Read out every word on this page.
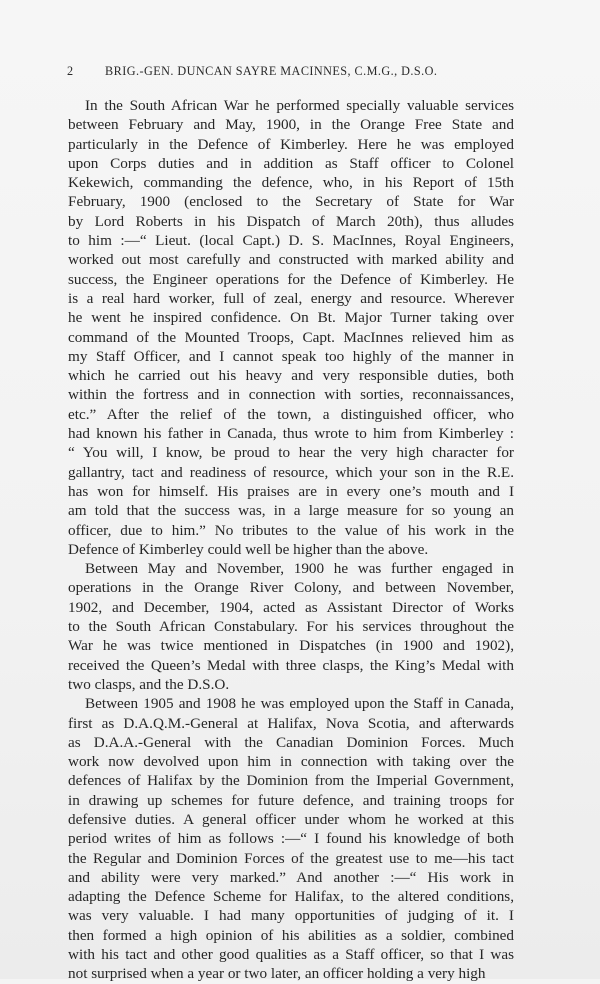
2	BRIG.-GEN. DUNCAN SAYRE MACINNES, C.M.G., D.S.O.
In the South African War he performed specially valuable services
between February and May, 1900, in the Orange Free State and
particularly in the Defence of Kimberley. Here he was employed
upon Corps duties and in addition as Staff officer to Colonel
Kekewich, commanding the defence, who, in his Report of 15th
February, 1900 (enclosed to the Secretary of State for War
by Lord Roberts in his Dispatch of March 20th), thus alludes
to him :—“ Lieut. (local Capt.) D. S. MacInnes, Royal Engineers,
worked out most carefully and constructed with marked ability and
success, the Engineer operations for the Defence of Kimberley. He
is a real hard worker, full of zeal, energy and resource. Wherever
he went he inspired confidence. On Bt. Major Turner taking over
command of the Mounted Troops, Capt. MacInnes relieved him as
my Staff Officer, and I cannot speak too highly of the manner in
which he carried out his heavy and very responsible duties, both
within the fortress and in connection with sorties, reconnaissances,
etc.” After the relief of the town, a distinguished officer, who
had known his father in Canada, thus wrote to him from Kimberley :
“ You will, I know, be proud to hear the very high character for
gallantry, tact and readiness of resource, which your son in the R.E.
has won for himself. His praises are in every one’s mouth and I
am told that the success was, in a large measure for so young an
officer, due to him.” No tributes to the value of his work in the
Defence of Kimberley could well be higher than the above.
Between May and November, 1900 he was further engaged in
operations in the Orange River Colony, and between November,
1902, and December, 1904, acted as Assistant Director of Works
to the South African Constabulary. For his services throughout the
War he was twice mentioned in Dispatches (in 1900 and 1902),
received the Queen’s Medal with three clasps, the King’s Medal with
two clasps, and the D.S.O.
Between 1905 and 1908 he was employed upon the Staff in Canada,
first as D.A.Q.M.-General at Halifax, Nova Scotia, and afterwards
as D.A.A.-General with the Canadian Dominion Forces. Much
work now devolved upon him in connection with taking over the
defences of Halifax by the Dominion from the Imperial Government,
in drawing up schemes for future defence, and training troops for
defensive duties. A general officer under whom he worked at this
period writes of him as follows :—“ I found his knowledge of both
the Regular and Dominion Forces of the greatest use to me—his tact
and ability were very marked.” And another :—“ His work in
adapting the Defence Scheme for Halifax, to the altered conditions,
was very valuable. I had many opportunities of judging of it. I
then formed a high opinion of his abilities as a soldier, combined
with his tact and other good qualities as a Staff officer, so that I was
not surprised when a year or two later, an officer holding a very high
